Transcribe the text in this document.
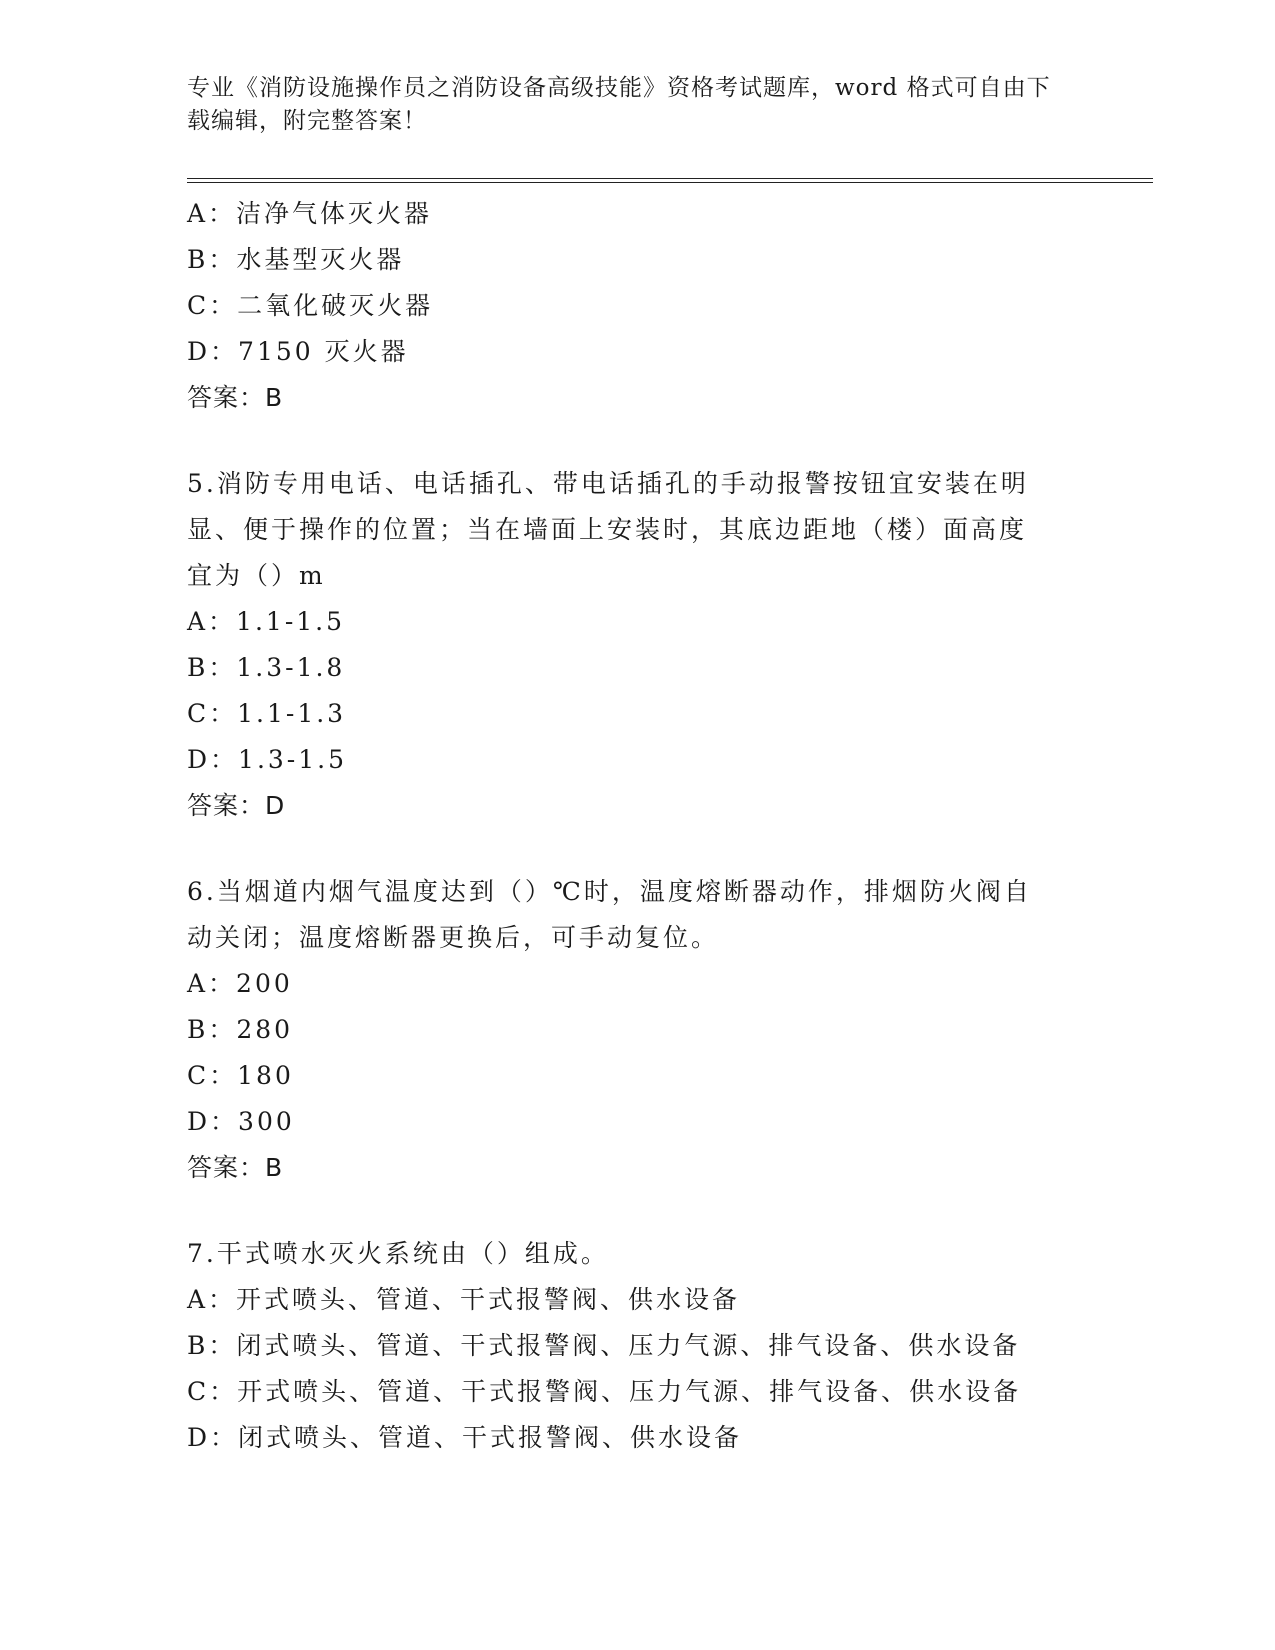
专业《消防设施操作员之消防设备高级技能》资格考试题库，word 格式可自由下载编辑，附完整答案！
A：洁净气体灭火器
B：水基型灭火器
C：二氧化破灭火器
D：7150 灭火器
答案：B
5.消防专用电话、电话插孔、带电话插孔的手动报警按钮宜安装在明
显、便于操作的位置；当在墙面上安装时，其底边距地（楼）面高度
宜为（）m
A：1.1-1.5
B：1.3-1.8
C：1.1-1.3
D：1.3-1.5
答案：D
6.当烟道内烟气温度达到（）℃时，温度熔断器动作，排烟防火阀自
动关闭；温度熔断器更换后，可手动复位。
A：200
B：280
C：180
D：300
答案：B
7.干式喷水灭火系统由（）组成。
A：开式喷头、管道、干式报警阀、供水设备
B：闭式喷头、管道、干式报警阀、压力气源、排气设备、供水设备
C：开式喷头、管道、干式报警阀、压力气源、排气设备、供水设备
D：闭式喷头、管道、干式报警阀、供水设备
